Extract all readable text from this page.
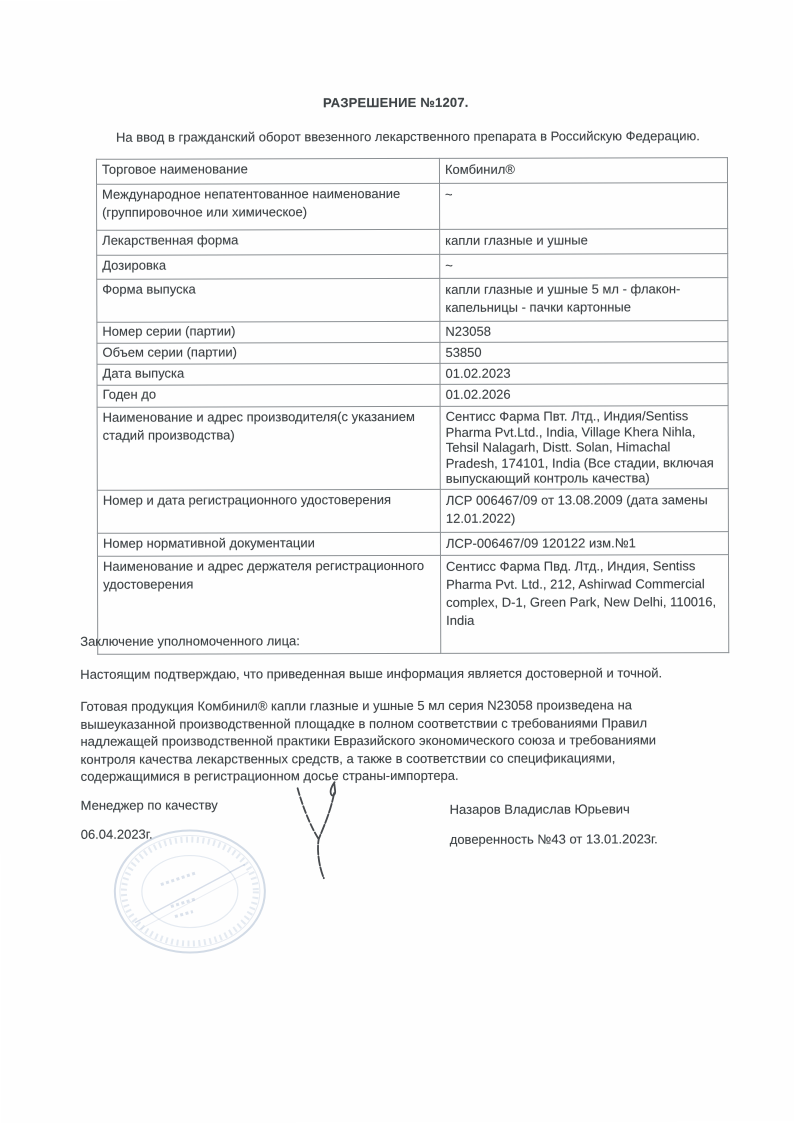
РАЗРЕШЕНИЕ №1207.

На ввод в гражданский оборот ввезенного лекарственного препарата в Российскую Федерацию.

Торговое наименование	Комбинил®
Международное непатентованное наименование (группировочное или химическое)	~
Лекарственная форма	капли глазные и ушные
Дозировка	~
Форма выпуска	капли глазные и ушные 5 мл - флакон-капельницы - пачки картонные
Номер серии (партии)	N23058
Объем серии (партии)	53850
Дата выпуска	01.02.2023
Годен до	01.02.2026
Наименование и адрес производителя(с указанием стадий производства)	Сентисс Фарма Пвт. Лтд., Индия/Sentiss Pharma Pvt.Ltd., India, Village Khera Nihla, Tehsil Nalagarh, Distt. Solan, Himachal Pradesh, 174101, India (Все стадии, включая выпускающий контроль качества)
Номер и дата регистрационного удостоверения	ЛСР 006467/09 от 13.08.2009 (дата замены 12.01.2022)
Номер нормативной документации	ЛСР-006467/09 120122 изм.№1
Наименование и адрес держателя регистрационного удостоверения	Сентисс Фарма Пвд. Лтд., Индия, Sentiss Pharma Pvt. Ltd., 212, Ashirwad Commercial complex, D-1, Green Park, New Delhi, 110016, India

Заключение уполномоченного лица:

Настоящим подтверждаю, что приведенная выше информация является достоверной и точной.

Готовая продукция Комбинил® капли глазные и ушные 5 мл серия N23058 произведена на вышеуказанной производственной площадке в полном соответствии с требованиями Правил надлежащей производственной практики Евразийского экономического союза и требованиями контроля качества лекарственных средств, а также в соответствии со спецификациями, содержащимися в регистрационном досье страны-импортера.

Менеджер по качеству

06.04.2023г.

Назаров Владислав Юрьевич

доверенность №43 от 13.01.2023г.
